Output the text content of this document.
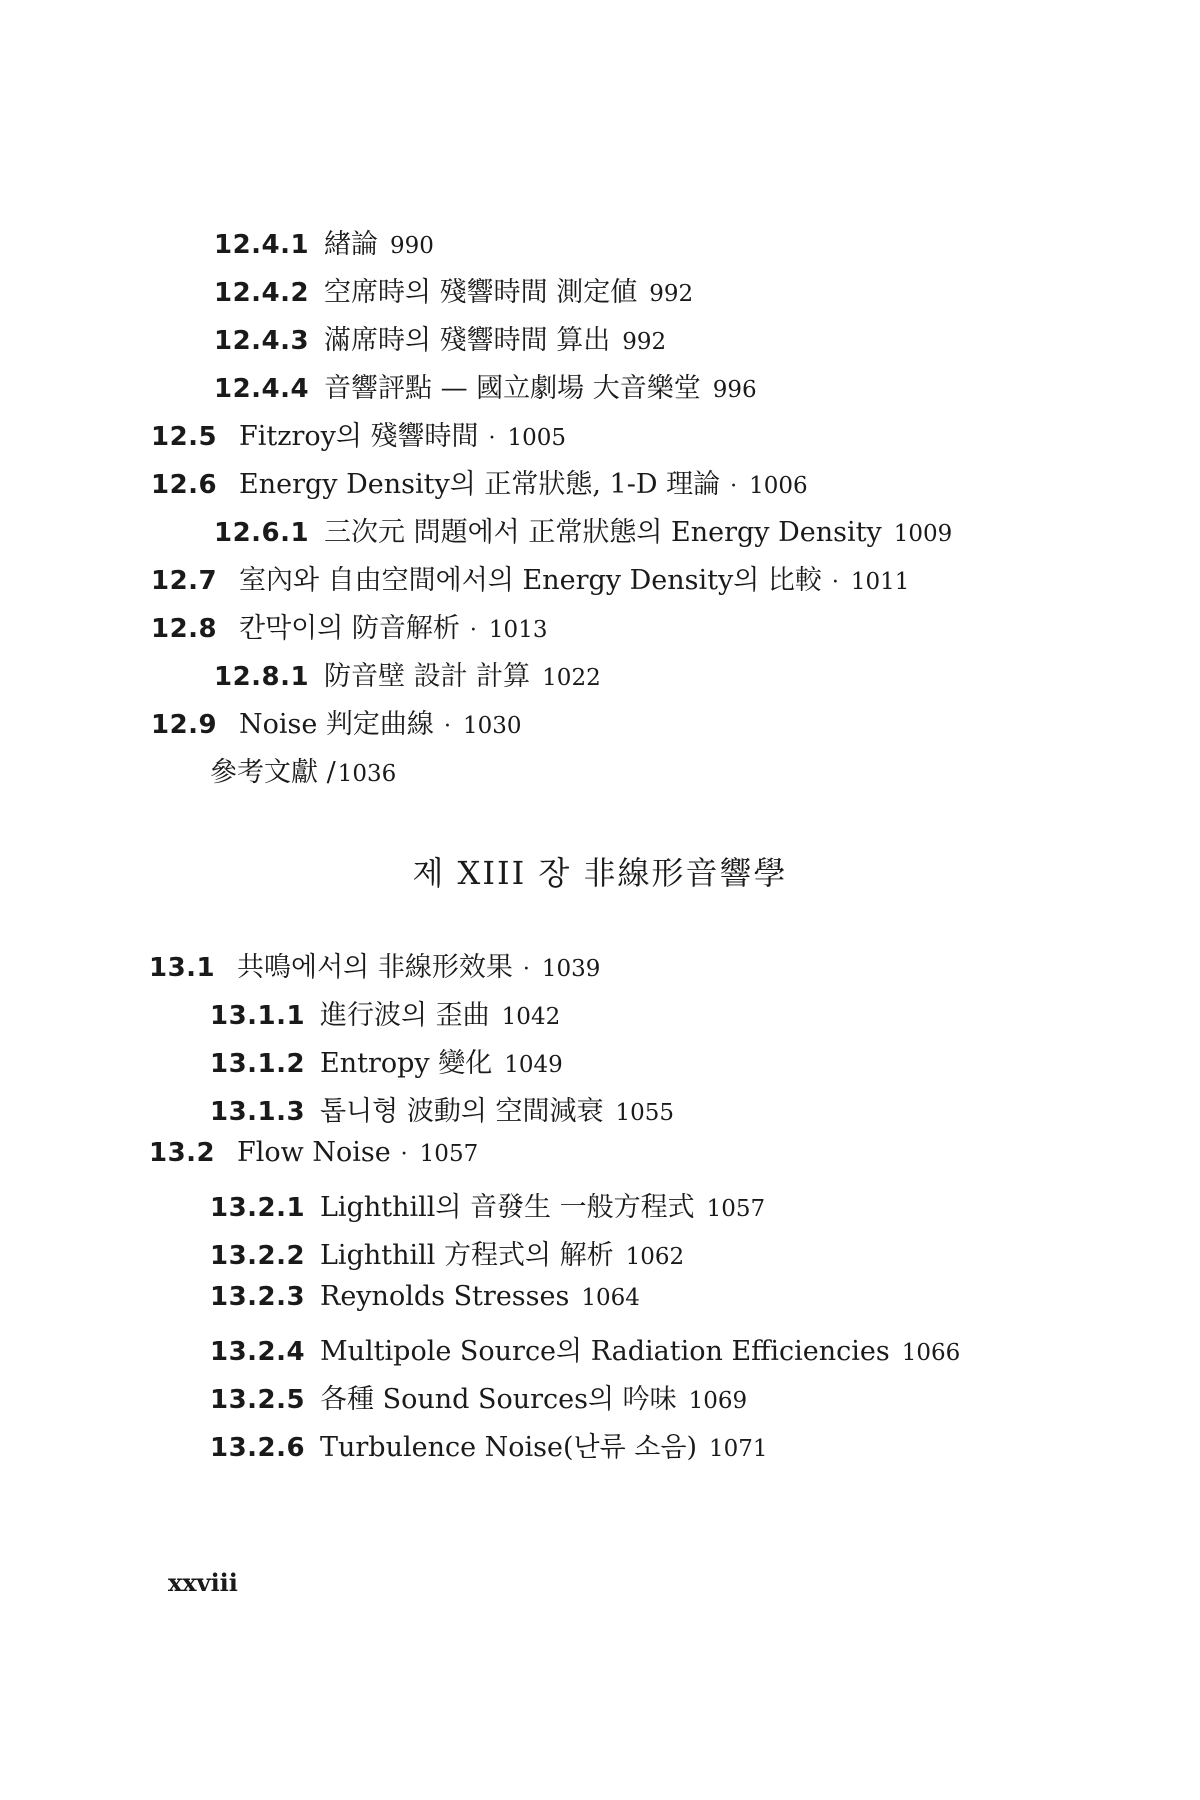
12.4.1 緖論 990
12.4.2 空席時의 殘響時間 測定値 992
12.4.3 滿席時의 殘響時間 算出 992
12.4.4 音響評點 — 國立劇場 大音樂堂 996
12.5 Fitzroy의 殘響時間 · 1005
12.6 Energy Density의 正常狀態, 1-D 理論 · 1006
12.6.1 三次元 問題에서 正常狀態의 Energy Density 1009
12.7 室內와 自由空間에서의 Energy Density의 比較 · 1011
12.8 칸막이의 防音解析 · 1013
12.8.1 防音壁 設計 計算 1022
12.9 Noise 判定曲線 · 1030
參考文獻 / 1036
제 XIII 장 非線形音響學
13.1 共鳴에서의 非線形效果 · 1039
13.1.1 進行波의 歪曲 1042
13.1.2 Entropy 變化 1049
13.1.3 톱니형 波動의 空間減衰 1055
13.2 Flow Noise · 1057
13.2.1 Lighthill의 音發生 一般方程式 1057
13.2.2 Lighthill 方程式의 解析 1062
13.2.3 Reynolds Stresses 1064
13.2.4 Multipole Source의 Radiation Efficiencies 1066
13.2.5 各種 Sound Sources의 吟味 1069
13.2.6 Turbulence Noise(난류 소음) 1071
xxviii
